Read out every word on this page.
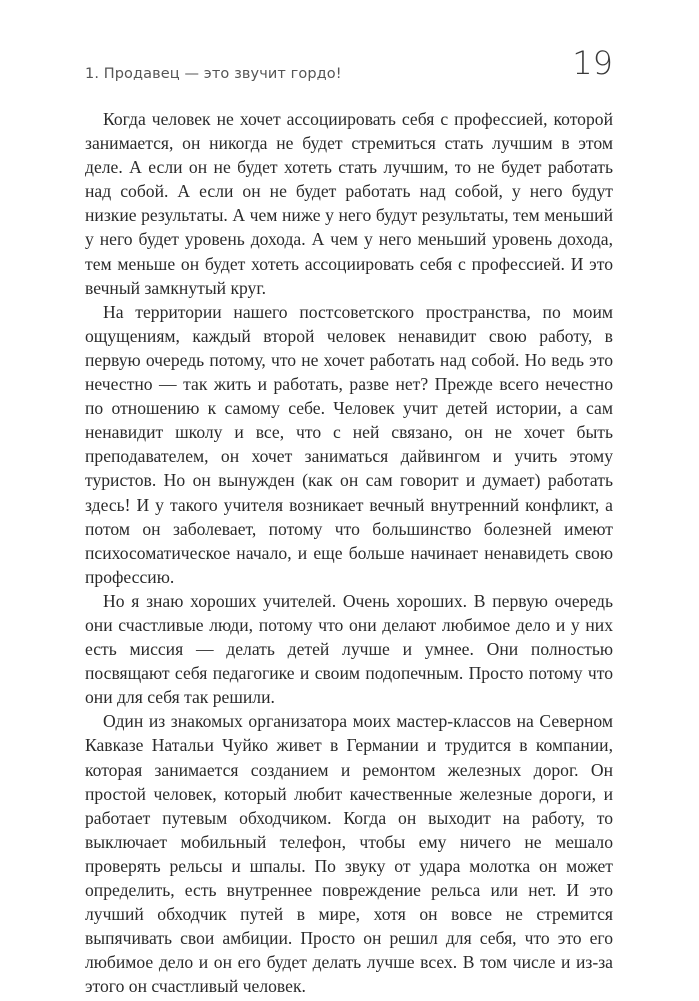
1. Продавец — это звучит гордо!	19

Когда человек не хочет ассоциировать себя с профессией, которой занимается, он никогда не будет стремиться стать лучшим в этом деле. А если он не будет хотеть стать лучшим, то не будет работать над собой. А если он не будет работать над собой, у него будут низкие результаты. А чем ниже у него будут результаты, тем меньший у него будет уровень дохода. А чем у него меньший уровень дохода, тем меньше он будет хотеть ассоциировать себя с профессией. И это вечный замкнутый круг.

На территории нашего постсоветского пространства, по моим ощущениям, каждый второй человек ненавидит свою работу, в первую очередь потому, что не хочет работать над собой. Но ведь это нечестно — так жить и работать, разве нет? Прежде всего нечестно по отношению к самому себе. Человек учит детей истории, а сам ненавидит школу и все, что с ней связано, он не хочет быть преподавателем, он хочет заниматься дайвингом и учить этому туристов. Но он вынужден (как он сам говорит и думает) работать здесь! И у такого учителя возникает вечный внутренний конфликт, а потом он заболевает, потому что большинство болезней имеют психосоматическое начало, и еще больше начинает ненавидеть свою профессию.

Но я знаю хороших учителей. Очень хороших. В первую очередь они счастливые люди, потому что они делают любимое дело и у них есть миссия — делать детей лучше и умнее. Они полностью посвящают себя педагогике и своим подопечным. Просто потому что они для себя так решили.

Один из знакомых организатора моих мастер-классов на Северном Кавказе Натальи Чуйко живет в Германии и трудится в компании, которая занимается созданием и ремонтом железных дорог. Он простой человек, который любит качественные железные дороги, и работает путевым обходчиком. Когда он выходит на работу, то выключает мобильный телефон, чтобы ему ничего не мешало проверять рельсы и шпалы. По звуку от удара молотка он может определить, есть внутреннее повреждение рельса или нет. И это лучший обходчик путей в мире, хотя он вовсе не стремится выпячивать свои амбиции. Просто он решил для себя, что это его любимое дело и он его будет делать лучше всех. В том числе и из-за этого он счастливый человек.
